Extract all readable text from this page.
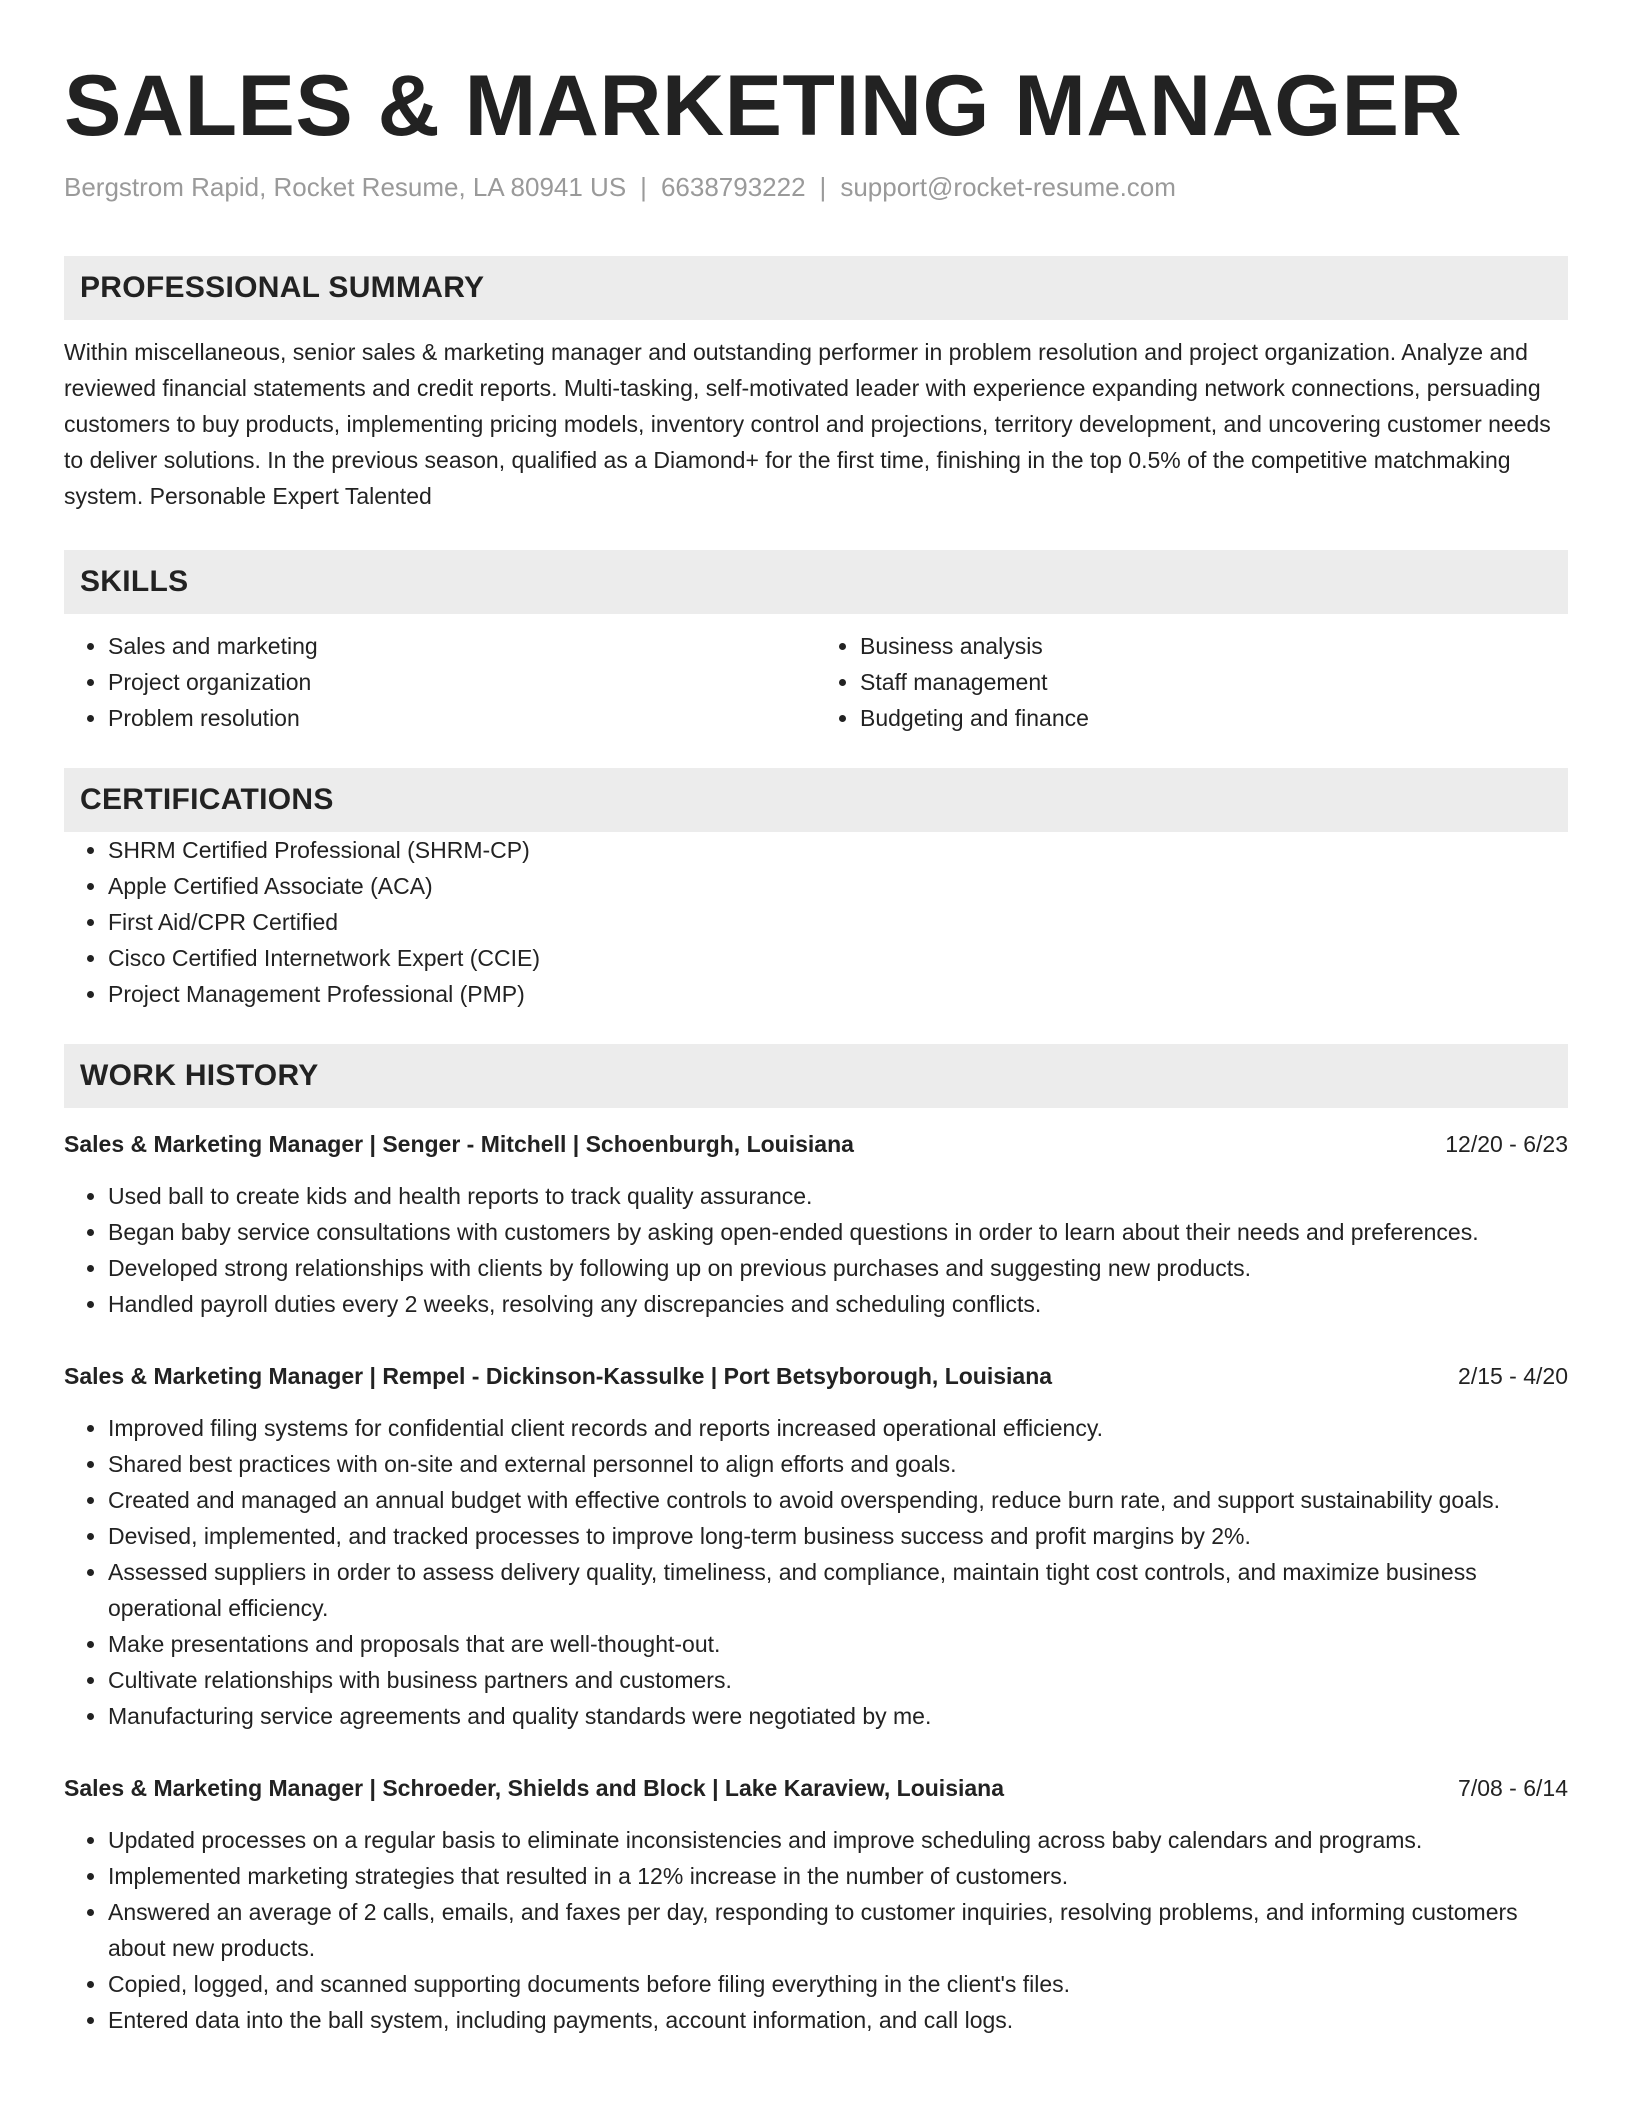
SALES & MARKETING MANAGER
Bergstrom Rapid, Rocket Resume, LA 80941 US | 6638793222 | support@rocket-resume.com
PROFESSIONAL SUMMARY

Within miscellaneous, senior sales & marketing manager and outstanding performer in problem resolution and project organization. Analyze and reviewed financial statements and credit reports. Multi-tasking, self-motivated leader with experience expanding network connections, persuading customers to buy products, implementing pricing models, inventory control and projections, territory development, and uncovering customer needs to deliver solutions. In the previous season, qualified as a Diamond+ for the first time, finishing in the top 0.5% of the competitive matchmaking system. Personable Expert Talented

SKILLS
• Sales and marketing
• Project organization
• Problem resolution
• Business analysis
• Staff management
• Budgeting and finance
CERTIFICATIONS
• SHRM Certified Professional (SHRM-CP)
• Apple Certified Associate (ACA)
• First Aid/CPR Certified
• Cisco Certified Internetwork Expert (CCIE)
• Project Management Professional (PMP)
WORK HISTORY
Sales & Marketing Manager | Senger - Mitchell | Schoenburgh, Louisiana	12/20 - 6/23
• Used ball to create kids and health reports to track quality assurance.
• Began baby service consultations with customers by asking open-ended questions in order to learn about their needs and preferences.
• Developed strong relationships with clients by following up on previous purchases and suggesting new products.
• Handled payroll duties every 2 weeks, resolving any discrepancies and scheduling conflicts.
Sales & Marketing Manager | Rempel - Dickinson-Kassulke | Port Betsyborough, Louisiana	2/15 - 4/20
• Improved filing systems for confidential client records and reports increased operational efficiency.
• Shared best practices with on-site and external personnel to align efforts and goals.
• Created and managed an annual budget with effective controls to avoid overspending, reduce burn rate, and support sustainability goals.
• Devised, implemented, and tracked processes to improve long-term business success and profit margins by 2%.
• Assessed suppliers in order to assess delivery quality, timeliness, and compliance, maintain tight cost controls, and maximize business operational efficiency.
• Make presentations and proposals that are well-thought-out.
• Cultivate relationships with business partners and customers.
• Manufacturing service agreements and quality standards were negotiated by me.
Sales & Marketing Manager | Schroeder, Shields and Block | Lake Karaview, Louisiana	7/08 - 6/14
• Updated processes on a regular basis to eliminate inconsistencies and improve scheduling across baby calendars and programs.
• Implemented marketing strategies that resulted in a 12% increase in the number of customers.
• Answered an average of 2 calls, emails, and faxes per day, responding to customer inquiries, resolving problems, and informing customers about new products.
• Copied, logged, and scanned supporting documents before filing everything in the client's files.
• Entered data into the ball system, including payments, account information, and call logs.
